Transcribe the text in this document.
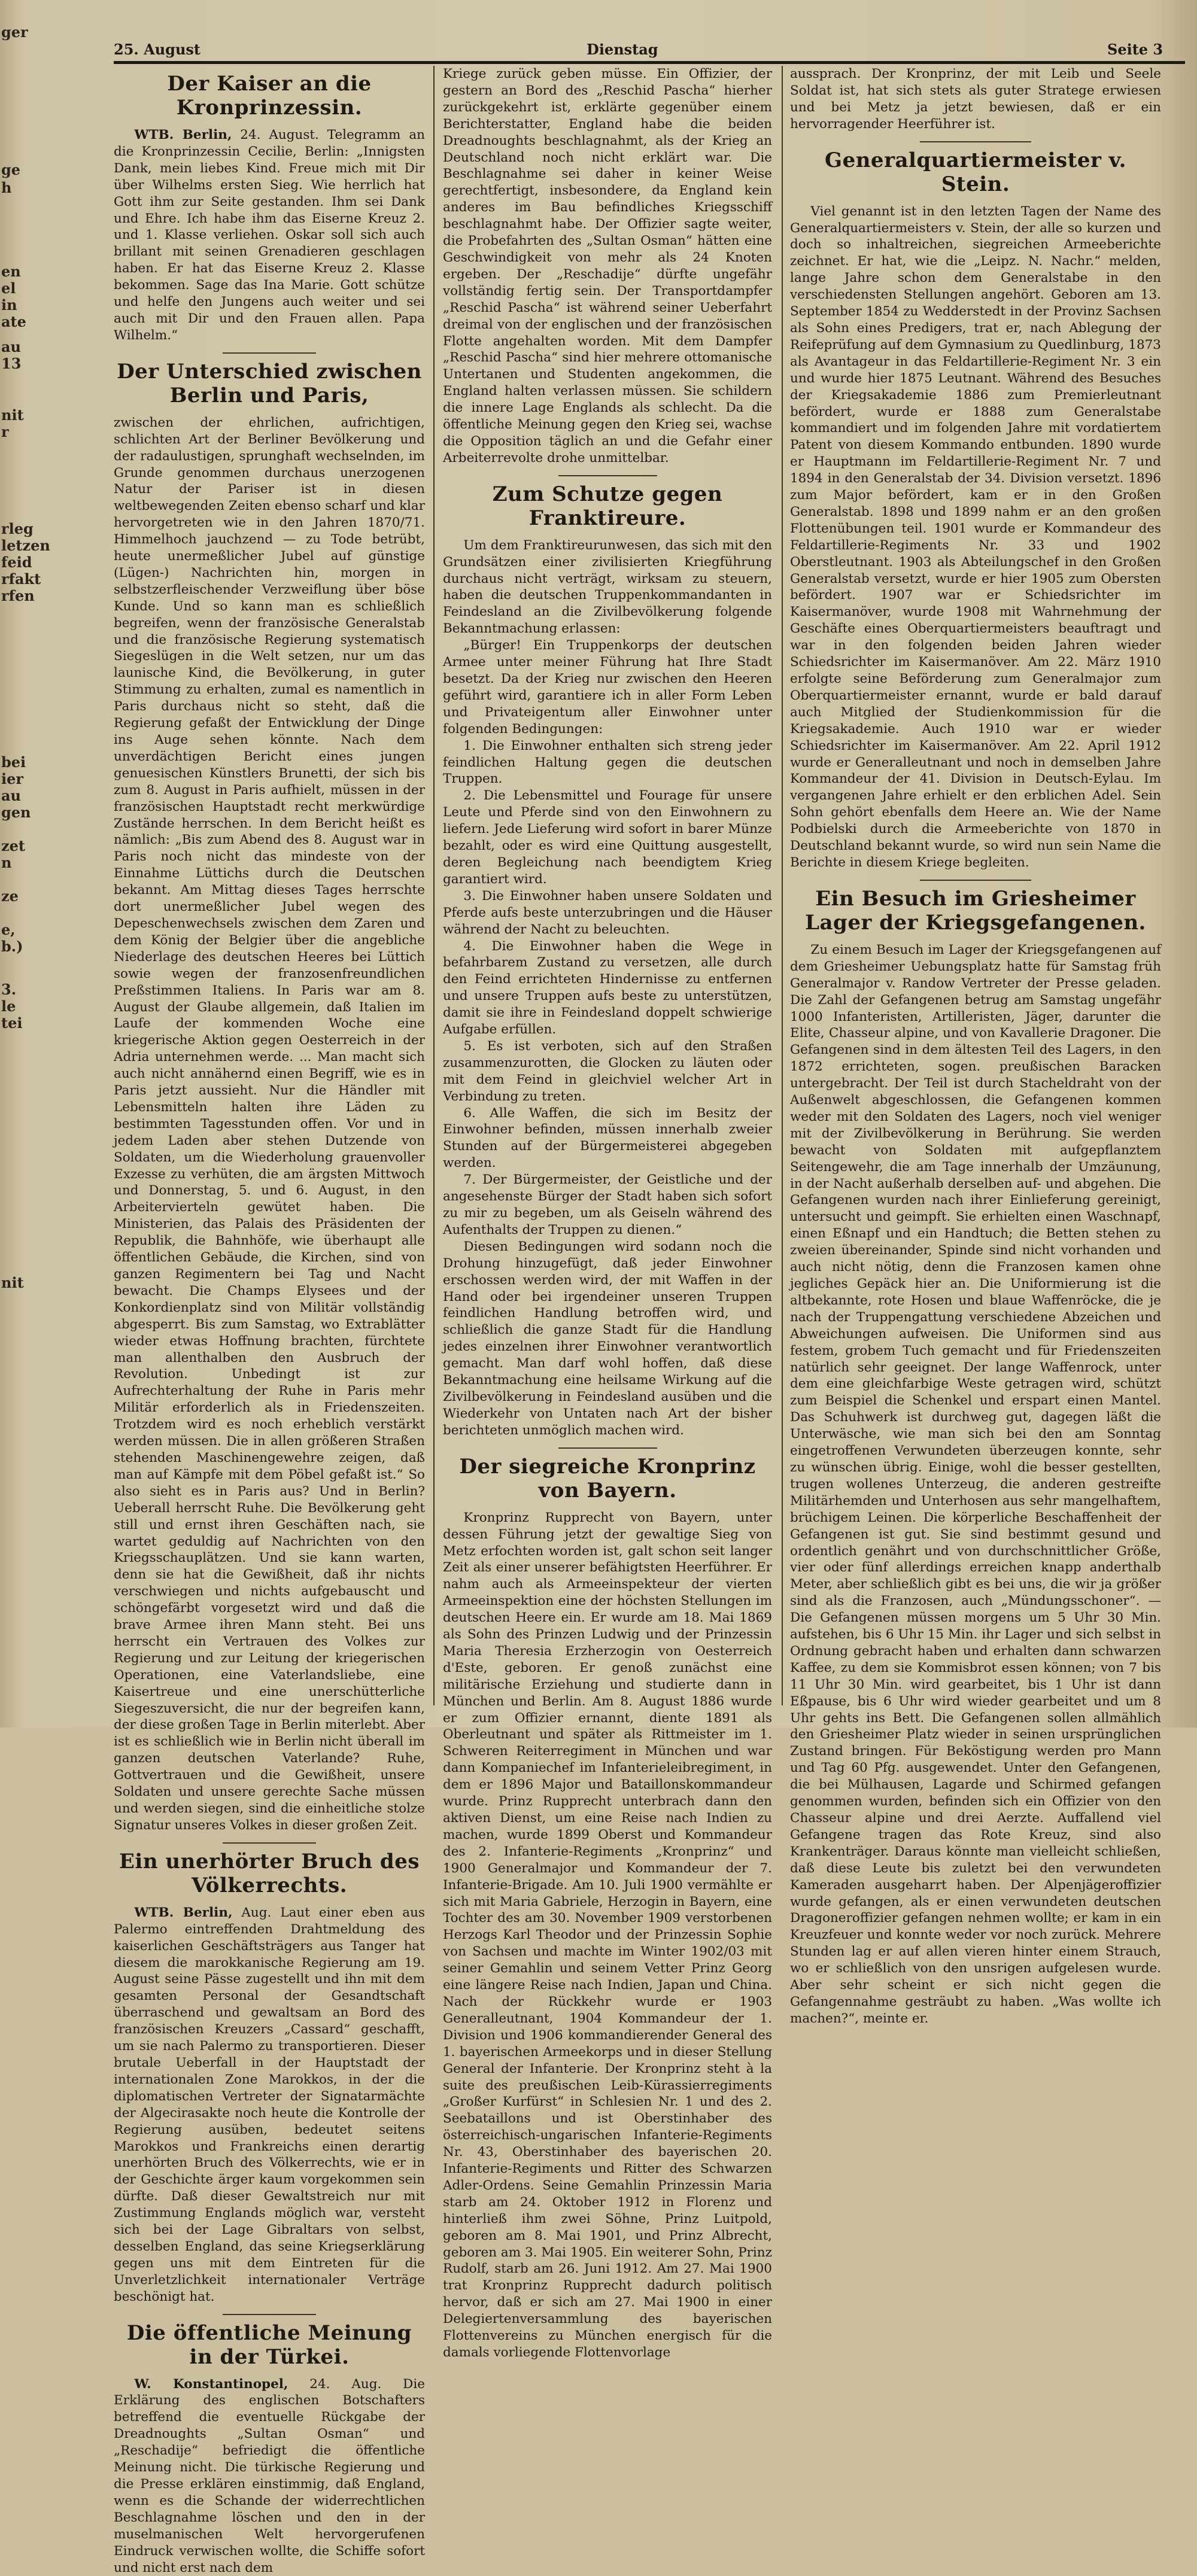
ger
ge
h
en
el
in
ate
au
13
nit
r
rleg
letzen
feid
rfakt
rfen
bei
ier
au
gen
zet
n
ze
e,
b.)
3.
le
tei
nit
25. August	Dienstag	Seite 3
Der Kaiser an die Kronprinzessin.

WTB. Berlin, 24. August. Telegramm an die Kronprinzessin Cecilie, Berlin: „Innigsten Dank, mein liebes Kind. Freue mich mit Dir über Wilhelms ersten Sieg. Wie herrlich hat Gott ihm zur Seite gestanden. Ihm sei Dank und Ehre. Ich habe ihm das Eiserne Kreuz 2. und 1. Klasse verliehen. Oskar soll sich auch brillant mit seinen Grenadieren geschlagen haben. Er hat das Eiserne Kreuz 2. Klasse bekommen. Sage das Ina Marie. Gott schütze und helfe den Jungens auch weiter und sei auch mit Dir und den Frauen allen. Papa Wilhelm.“

Der Unterschied zwischen Berlin und Paris,

zwischen der ehrlichen, aufrichtigen, schlichten Art der Berliner Bevölkerung und der radaulustigen, sprunghaft wechselnden, im Grunde genommen durchaus unerzogenen Natur der Pariser ist in diesen weltbewegenden Zeiten ebenso scharf und klar hervorgetreten wie in den Jahren 1870/71. Himmelhoch jauchzend — zu Tode betrübt, heute unermeßlicher Jubel auf günstige (Lügen-) Nachrichten hin, morgen in selbstzerfleischender Verzweiflung über böse Kunde. Und so kann man es schließlich begreifen, wenn der französische Generalstab und die französische Regierung systematisch Siegeslügen in die Welt setzen, nur um das launische Kind, die Bevölkerung, in guter Stimmung zu erhalten, zumal es namentlich in Paris durchaus nicht so steht, daß die Regierung gefaßt der Entwicklung der Dinge ins Auge sehen könnte. Nach dem unverdächtigen Bericht eines jungen genuesischen Künstlers Brunetti, der sich bis zum 8. August in Paris aufhielt, müssen in der französischen Hauptstadt recht merkwürdige Zustände herrschen. In dem Bericht heißt es nämlich: „Bis zum Abend des 8. August war in Paris noch nicht das mindeste von der Einnahme Lüttichs durch die Deutschen bekannt. Am Mittag dieses Tages herrschte dort unermeßlicher Jubel wegen des Depeschenwechsels zwischen dem Zaren und dem König der Belgier über die angebliche Niederlage des deutschen Heeres bei Lüttich sowie wegen der franzosenfreundlichen Preßstimmen Italiens. In Paris war am 8. August der Glaube allgemein, daß Italien im Laufe der kommenden Woche eine kriegerische Aktion gegen Oesterreich in der Adria unternehmen werde. ... Man macht sich auch nicht annähernd einen Begriff, wie es in Paris jetzt aussieht. Nur die Händler mit Lebensmitteln halten ihre Läden zu bestimmten Tagesstunden offen. Vor und in jedem Laden aber stehen Dutzende von Soldaten, um die Wiederholung grauenvoller Exzesse zu verhüten, die am ärgsten Mittwoch und Donnerstag, 5. und 6. August, in den Arbeitervierteln gewütet haben. Die Ministerien, das Palais des Präsidenten der Republik, die Bahnhöfe, wie überhaupt alle öffentlichen Gebäude, die Kirchen, sind von ganzen Regimentern bei Tag und Nacht bewacht. Die Champs Elysees und der Konkordienplatz sind von Militär vollständig abgesperrt. Bis zum Samstag, wo Extrablätter wieder etwas Hoffnung brachten, fürchtete man allenthalben den Ausbruch der Revolution. Unbedingt ist zur Aufrechterhaltung der Ruhe in Paris mehr Militär erforderlich als in Friedenszeiten. Trotzdem wird es noch erheblich verstärkt werden müssen. Die in allen größeren Straßen stehenden Maschinengewehre zeigen, daß man auf Kämpfe mit dem Pöbel gefaßt ist.“ So also sieht es in Paris aus? Und in Berlin? Ueberall herrscht Ruhe. Die Bevölkerung geht still und ernst ihren Geschäften nach, sie wartet geduldig auf Nachrichten von den Kriegsschauplätzen. Und sie kann warten, denn sie hat die Gewißheit, daß ihr nichts verschwiegen und nichts aufgebauscht und schöngefärbt vorgesetzt wird und daß die brave Armee ihren Mann steht. Bei uns herrscht ein Vertrauen des Volkes zur Regierung und zur Leitung der kriegerischen Operationen, eine Vaterlandsliebe, eine Kaisertreue und eine unerschütterliche Siegeszuversicht, die nur der begreifen kann, der diese großen Tage in Berlin miterlebt. Aber ist es schließlich wie in Berlin nicht überall im ganzen deutschen Vaterlande? Ruhe, Gottvertrauen und die Gewißheit, unsere Soldaten und unsere gerechte Sache müssen und werden siegen, sind die einheitliche stolze Signatur unseres Volkes in dieser großen Zeit.

Ein unerhörter Bruch des Völkerrechts.

WTB. Berlin, Aug. Laut einer eben aus Palermo eintreffenden Drahtmeldung des kaiserlichen Geschäftsträgers aus Tanger hat diesem die marokkanische Regierung am 19. August seine Pässe zugestellt und ihn mit dem gesamten Personal der Gesandtschaft überraschend und gewaltsam an Bord des französischen Kreuzers „Cassard“ geschafft, um sie nach Palermo zu transportieren. Dieser brutale Ueberfall in der Hauptstadt der internationalen Zone Marokkos, in der die diplomatischen Vertreter der Signatarmächte der Algecirasakte noch heute die Kontrolle der Regierung ausüben, bedeutet seitens Marokkos und Frankreichs einen derartig unerhörten Bruch des Völkerrechts, wie er in der Geschichte ärger kaum vorgekommen sein dürfte. Daß dieser Gewaltstreich nur mit Zustimmung Englands möglich war, versteht sich bei der Lage Gibraltars von selbst, desselben England, das seine Kriegserklärung gegen uns mit dem Eintreten für die Unverletzlichkeit internationaler Verträge beschönigt hat.

Die öffentliche Meinung in der Türkei.

W. Konstantinopel, 24. Aug. Die Erklärung des englischen Botschafters betreffend die eventuelle Rückgabe der Dreadnoughts „Sultan Osman“ und „Reschadije“ befriedigt die öffentliche Meinung nicht. Die türkische Regierung und die Presse erklären einstimmig, daß England, wenn es die Schande der widerrechtlichen Beschlagnahme löschen und den in der muselmanischen Welt hervorgerufenen Eindruck verwischen wollte, die Schiffe sofort und nicht erst nach dem

Kriege zurück geben müsse. Ein Offizier, der gestern an Bord des „Reschid Pascha“ hierher zurückgekehrt ist, erklärte gegenüber einem Berichterstatter, England habe die beiden Dreadnoughts beschlagnahmt, als der Krieg an Deutschland noch nicht erklärt war. Die Beschlagnahme sei daher in keiner Weise gerechtfertigt, insbesondere, da England kein anderes im Bau befindliches Kriegsschiff beschlagnahmt habe. Der Offizier sagte weiter, die Probefahrten des „Sultan Osman“ hätten eine Geschwindigkeit von mehr als 24 Knoten ergeben. Der „Reschadije“ dürfte ungefähr vollständig fertig sein. Der Transportdampfer „Reschid Pascha“ ist während seiner Ueberfahrt dreimal von der englischen und der französischen Flotte angehalten worden. Mit dem Dampfer „Reschid Pascha“ sind hier mehrere ottomanische Untertanen und Studenten angekommen, die England halten verlassen müssen. Sie schildern die innere Lage Englands als schlecht. Da die öffentliche Meinung gegen den Krieg sei, wachse die Opposition täglich an und die Gefahr einer Arbeiterrevolte drohe unmittelbar.

Zum Schutze gegen Franktireure.

Um dem Franktireurunwesen, das sich mit den Grundsätzen einer zivilisierten Kriegführung durchaus nicht verträgt, wirksam zu steuern, haben die deutschen Truppenkommandanten in Feindesland an die Zivilbevölkerung folgende Bekanntmachung erlassen:

„Bürger! Ein Truppenkorps der deutschen Armee unter meiner Führung hat Ihre Stadt besetzt. Da der Krieg nur zwischen den Heeren geführt wird, garantiere ich in aller Form Leben und Privateigentum aller Einwohner unter folgenden Bedingungen:

1. Die Einwohner enthalten sich streng jeder feindlichen Haltung gegen die deutschen Truppen.

2. Die Lebensmittel und Fourage für unsere Leute und Pferde sind von den Einwohnern zu liefern. Jede Lieferung wird sofort in barer Münze bezahlt, oder es wird eine Quittung ausgestellt, deren Begleichung nach beendigtem Krieg garantiert wird.

3. Die Einwohner haben unsere Soldaten und Pferde aufs beste unterzubringen und die Häuser während der Nacht zu beleuchten.

4. Die Einwohner haben die Wege in befahrbarem Zustand zu versetzen, alle durch den Feind errichteten Hindernisse zu entfernen und unsere Truppen aufs beste zu unterstützen, damit sie ihre in Feindesland doppelt schwierige Aufgabe erfüllen.

5. Es ist verboten, sich auf den Straßen zusammenzurotten, die Glocken zu läuten oder mit dem Feind in gleichviel welcher Art in Verbindung zu treten.

6. Alle Waffen, die sich im Besitz der Einwohner befinden, müssen innerhalb zweier Stunden auf der Bürgermeisterei abgegeben werden.

7. Der Bürgermeister, der Geistliche und der angesehenste Bürger der Stadt haben sich sofort zu mir zu begeben, um als Geiseln während des Aufenthalts der Truppen zu dienen.“

Diesen Bedingungen wird sodann noch die Drohung hinzugefügt, daß jeder Einwohner erschossen werden wird, der mit Waffen in der Hand oder bei irgendeiner unseren Truppen feindlichen Handlung betroffen wird, und schließlich die ganze Stadt für die Handlung jedes einzelnen ihrer Einwohner verantwortlich gemacht. Man darf wohl hoffen, daß diese Bekanntmachung eine heilsame Wirkung auf die Zivilbevölkerung in Feindesland ausüben und die Wiederkehr von Untaten nach Art der bisher berichteten unmöglich machen wird.

Der siegreiche Kronprinz von Bayern.

Kronprinz Rupprecht von Bayern, unter dessen Führung jetzt der gewaltige Sieg von Metz erfochten worden ist, galt schon seit langer Zeit als einer unserer befähigtsten Heerführer. Er nahm auch als Armeeinspekteur der vierten Armeeinspektion eine der höchsten Stellungen im deutschen Heere ein. Er wurde am 18. Mai 1869 als Sohn des Prinzen Ludwig und der Prinzessin Maria Theresia Erzherzogin von Oesterreich d'Este, geboren. Er genoß zunächst eine militärische Erziehung und studierte dann in München und Berlin. Am 8. August 1886 wurde er zum Offizier ernannt, diente 1891 als Oberleutnant und später als Rittmeister im 1. Schweren Reiterregiment in München und war dann Kompaniechef im Infanterieleibregiment, in dem er 1896 Major und Bataillonskommandeur wurde. Prinz Rupprecht unterbrach dann den aktiven Dienst, um eine Reise nach Indien zu machen, wurde 1899 Oberst und Kommandeur des 2. Infanterie-Regiments „Kronprinz“ und 1900 Generalmajor und Kommandeur der 7. Infanterie-Brigade. Am 10. Juli 1900 vermählte er sich mit Maria Gabriele, Herzogin in Bayern, eine Tochter des am 30. November 1909 verstorbenen Herzogs Karl Theodor und der Prinzessin Sophie von Sachsen und machte im Winter 1902/03 mit seiner Gemahlin und seinem Vetter Prinz Georg eine längere Reise nach Indien, Japan und China. Nach der Rückkehr wurde er 1903 Generalleutnant, 1904 Kommandeur der 1. Division und 1906 kommandierender General des 1. bayerischen Armeekorps und in dieser Stellung General der Infanterie. Der Kronprinz steht à la suite des preußischen Leib-Kürassierregiments „Großer Kurfürst“ in Schlesien Nr. 1 und des 2. Seebataillons und ist Oberstinhaber des österreichisch-ungarischen Infanterie-Regiments Nr. 43, Oberstinhaber des bayerischen 20. Infanterie-Regiments und Ritter des Schwarzen Adler-Ordens. Seine Gemahlin Prinzessin Maria starb am 24. Oktober 1912 in Florenz und hinterließ ihm zwei Söhne, Prinz Luitpold, geboren am 8. Mai 1901, und Prinz Albrecht, geboren am 3. Mai 1905. Ein weiterer Sohn, Prinz Rudolf, starb am 26. Juni 1912. Am 27. Mai 1900 trat Kronprinz Rupprecht dadurch politisch hervor, daß er sich am 27. Mai 1900 in einer Delegiertenversammlung des bayerischen Flottenvereins zu München energisch für die damals vorliegende Flottenvorlage

aussprach. Der Kronprinz, der mit Leib und Seele Soldat ist, hat sich stets als guter Stratege erwiesen und bei Metz ja jetzt bewiesen, daß er ein hervorragender Heerführer ist.

Generalquartiermeister v. Stein.

Viel genannt ist in den letzten Tagen der Name des Generalquartiermeisters v. Stein, der alle so kurzen und doch so inhaltreichen, siegreichen Armeeberichte zeichnet. Er hat, wie die „Leipz. N. Nachr.“ melden, lange Jahre schon dem Generalstabe in den verschiedensten Stellungen angehört. Geboren am 13. September 1854 zu Wedderstedt in der Provinz Sachsen als Sohn eines Predigers, trat er, nach Ablegung der Reifeprüfung auf dem Gymnasium zu Quedlinburg, 1873 als Avantageur in das Feldartillerie-Regiment Nr. 3 ein und wurde hier 1875 Leutnant. Während des Besuches der Kriegsakademie 1886 zum Premierleutnant befördert, wurde er 1888 zum Generalstabe kommandiert und im folgenden Jahre mit vordatiertem Patent von diesem Kommando entbunden. 1890 wurde er Hauptmann im Feldartillerie-Regiment Nr. 7 und 1894 in den Generalstab der 34. Division versetzt. 1896 zum Major befördert, kam er in den Großen Generalstab. 1898 und 1899 nahm er an den großen Flottenübungen teil. 1901 wurde er Kommandeur des Feldartillerie-Regiments Nr. 33 und 1902 Oberstleutnant. 1903 als Abteilungschef in den Großen Generalstab versetzt, wurde er hier 1905 zum Obersten befördert. 1907 war er Schiedsrichter im Kaisermanöver, wurde 1908 mit Wahrnehmung der Geschäfte eines Oberquartiermeisters beauftragt und war in den folgenden beiden Jahren wieder Schiedsrichter im Kaisermanöver. Am 22. März 1910 erfolgte seine Beförderung zum Generalmajor zum Oberquartiermeister ernannt, wurde er bald darauf auch Mitglied der Studienkommission für die Kriegsakademie. Auch 1910 war er wieder Schiedsrichter im Kaisermanöver. Am 22. April 1912 wurde er Generalleutnant und noch in demselben Jahre Kommandeur der 41. Division in Deutsch-Eylau. Im vergangenen Jahre erhielt er den erblichen Adel. Sein Sohn gehört ebenfalls dem Heere an. Wie der Name Podbielski durch die Armeeberichte von 1870 in Deutschland bekannt wurde, so wird nun sein Name die Berichte in diesem Kriege begleiten.

Ein Besuch im Griesheimer Lager der Kriegsgefangenen.

Zu einem Besuch im Lager der Kriegsgefangenen auf dem Griesheimer Uebungsplatz hatte für Samstag früh Generalmajor v. Randow Vertreter der Presse geladen. Die Zahl der Gefangenen betrug am Samstag ungefähr 1000 Infanteristen, Artilleristen, Jäger, darunter die Elite, Chasseur alpine, und von Kavallerie Dragoner. Die Gefangenen sind in dem ältesten Teil des Lagers, in den 1872 errichteten, sogen. preußischen Baracken untergebracht. Der Teil ist durch Stacheldraht von der Außenwelt abgeschlossen, die Gefangenen kommen weder mit den Soldaten des Lagers, noch viel weniger mit der Zivilbevölkerung in Berührung. Sie werden bewacht von Soldaten mit aufgepflanztem Seitengewehr, die am Tage innerhalb der Umzäunung, in der Nacht außerhalb derselben auf- und abgehen. Die Gefangenen wurden nach ihrer Einlieferung gereinigt, untersucht und geimpft. Sie erhielten einen Waschnapf, einen Eßnapf und ein Handtuch; die Betten stehen zu zweien übereinander, Spinde sind nicht vorhanden und auch nicht nötig, denn die Franzosen kamen ohne jegliches Gepäck hier an. Die Uniformierung ist die altbekannte, rote Hosen und blaue Waffenröcke, die je nach der Truppengattung verschiedene Abzeichen und Abweichungen aufweisen. Die Uniformen sind aus festem, grobem Tuch gemacht und für Friedenszeiten natürlich sehr geeignet. Der lange Waffenrock, unter dem eine gleichfarbige Weste getragen wird, schützt zum Beispiel die Schenkel und erspart einen Mantel. Das Schuhwerk ist durchweg gut, dagegen läßt die Unterwäsche, wie man sich bei den am Sonntag eingetroffenen Verwundeten überzeugen konnte, sehr zu wünschen übrig. Einige, wohl die besser gestellten, trugen wollenes Unterzeug, die anderen gestreifte Militärhemden und Unterhosen aus sehr mangelhaftem, brüchigem Leinen. Die körperliche Beschaffenheit der Gefangenen ist gut. Sie sind bestimmt gesund und ordentlich genährt und von durchschnittlicher Größe, vier oder fünf allerdings erreichen knapp anderthalb Meter, aber schließlich gibt es bei uns, die wir ja größer sind als die Franzosen, auch „Mündungsschoner“. — Die Gefangenen müssen morgens um 5 Uhr 30 Min. aufstehen, bis 6 Uhr 15 Min. ihr Lager und sich selbst in Ordnung gebracht haben und erhalten dann schwarzen Kaffee, zu dem sie Kommisbrot essen können; von 7 bis 11 Uhr 30 Min. wird gearbeitet, bis 1 Uhr ist dann Eßpause, bis 6 Uhr wird wieder gearbeitet und um 8 Uhr gehts ins Bett. Die Gefangenen sollen allmählich den Griesheimer Platz wieder in seinen ursprünglichen Zustand bringen. Für Beköstigung werden pro Mann und Tag 60 Pfg. ausgewendet. Unter den Gefangenen, die bei Mülhausen, Lagarde und Schirmed gefangen genommen wurden, befinden sich ein Offizier von den Chasseur alpine und drei Aerzte. Auffallend viel Gefangene tragen das Rote Kreuz, sind also Krankenträger. Daraus könnte man vielleicht schließen, daß diese Leute bis zuletzt bei den verwundeten Kameraden ausgeharrt haben. Der Alpenjägeroffizier wurde gefangen, als er einen verwundeten deutschen Dragoneroffizier gefangen nehmen wollte; er kam in ein Kreuzfeuer und konnte weder vor noch zurück. Mehrere Stunden lag er auf allen vieren hinter einem Strauch, wo er schließlich von den unsrigen aufgelesen wurde. Aber sehr scheint er sich nicht gegen die Gefangennahme gesträubt zu haben. „Was wollte ich machen?“, meinte er.
